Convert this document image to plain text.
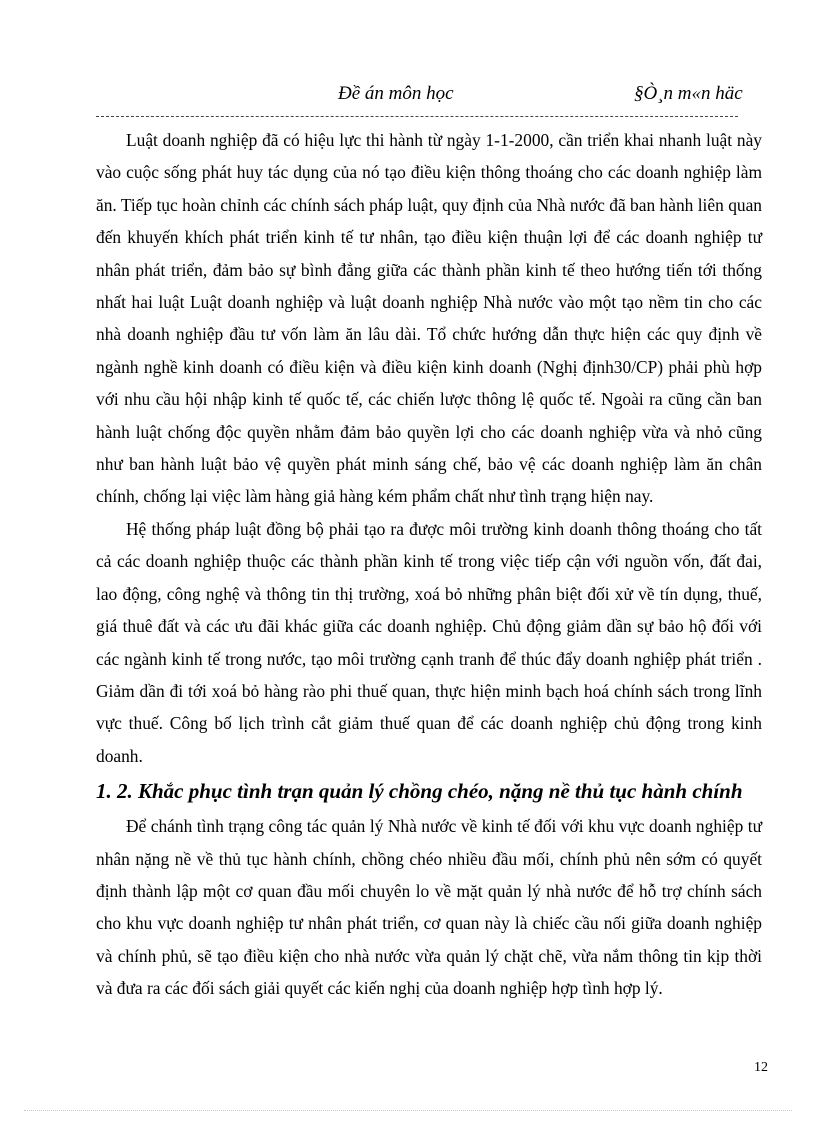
Đề án môn học	§Ò¸n m«n häc

Luật doanh nghiệp đã có hiệu lực thi hành từ ngày 1-1-2000, cần triển khai nhanh luật này vào cuộc sống phát huy tác dụng của nó tạo điều kiện thông thoáng cho các doanh nghiệp làm ăn. Tiếp tục hoàn chỉnh các chính sách pháp luật, quy định của Nhà nước đã ban hành liên quan đến khuyến khích phát triển kinh tế tư nhân, tạo điều kiện thuận lợi để các doanh nghiệp tư nhân phát triển, đảm bảo sự bình đẳng giữa các thành phần kinh tế theo hướng tiến tới thống nhất hai luật Luật doanh nghiệp và luật doanh nghiệp Nhà nước vào một tạo nềm tin cho các nhà doanh nghiệp đầu tư vốn làm ăn lâu dài. Tổ chức hướng dẫn thực hiện các quy định về ngành nghề kinh doanh có điều kiện và điều kiện kinh doanh (Nghị định30/CP) phải phù hợp với nhu cầu hội nhập kinh tế quốc tế, các chiến lược thông lệ quốc tế. Ngoài ra cũng cần ban hành luật chống độc quyền nhằm đảm bảo quyền lợi cho các doanh nghiệp vừa và nhỏ cũng như ban hành luật bảo vệ quyền phát minh sáng chế, bảo vệ các doanh nghiệp làm ăn chân chính, chống lại việc làm hàng giả hàng kém phẩm chất như tình trạng hiện nay.

Hệ thống pháp luật đồng bộ phải tạo ra được môi trường kinh doanh thông thoáng cho tất cả các doanh nghiệp thuộc các thành phần kinh tế trong việc tiếp cận với nguồn vốn, đất đai, lao động, công nghệ và thông tin thị trường, xoá bỏ những phân biệt đối xử về tín dụng, thuế, giá thuê đất và các ưu đãi khác giữa các doanh nghiệp. Chủ động giảm dần sự bảo hộ đối với các ngành kinh tế trong nước, tạo môi trường cạnh tranh để thúc đẩy doanh nghiệp phát triển . Giảm dần đi tới xoá bỏ hàng rào phi thuế quan, thực hiện minh bạch hoá chính sách trong lĩnh vực thuế. Công bố lịch trình cắt giảm thuế quan để các doanh nghiệp chủ động trong kinh doanh.

1. 2. Khắc phục tình trạn quản lý chồng chéo, nặng nề thủ tục hành chính

Để chánh tình trạng công tác quản lý Nhà nước về kinh tế đối với khu vực doanh nghiệp tư nhân nặng nề về thủ tục hành chính, chồng chéo nhiều đầu mối, chính phủ nên sớm có quyết định thành lập một cơ quan đầu mối chuyên lo về mặt quản lý nhà nước để hỗ trợ chính sách cho khu vực doanh nghiệp tư nhân phát triển, cơ quan này là chiếc cầu nối giữa doanh nghiệp và chính phủ, sẽ tạo điều kiện cho nhà nước vừa quản lý chặt chẽ, vừa nắm thông tin kịp thời và đưa ra các đối sách giải quyết các kiến nghị của doanh nghiệp hợp tình hợp lý.

12
